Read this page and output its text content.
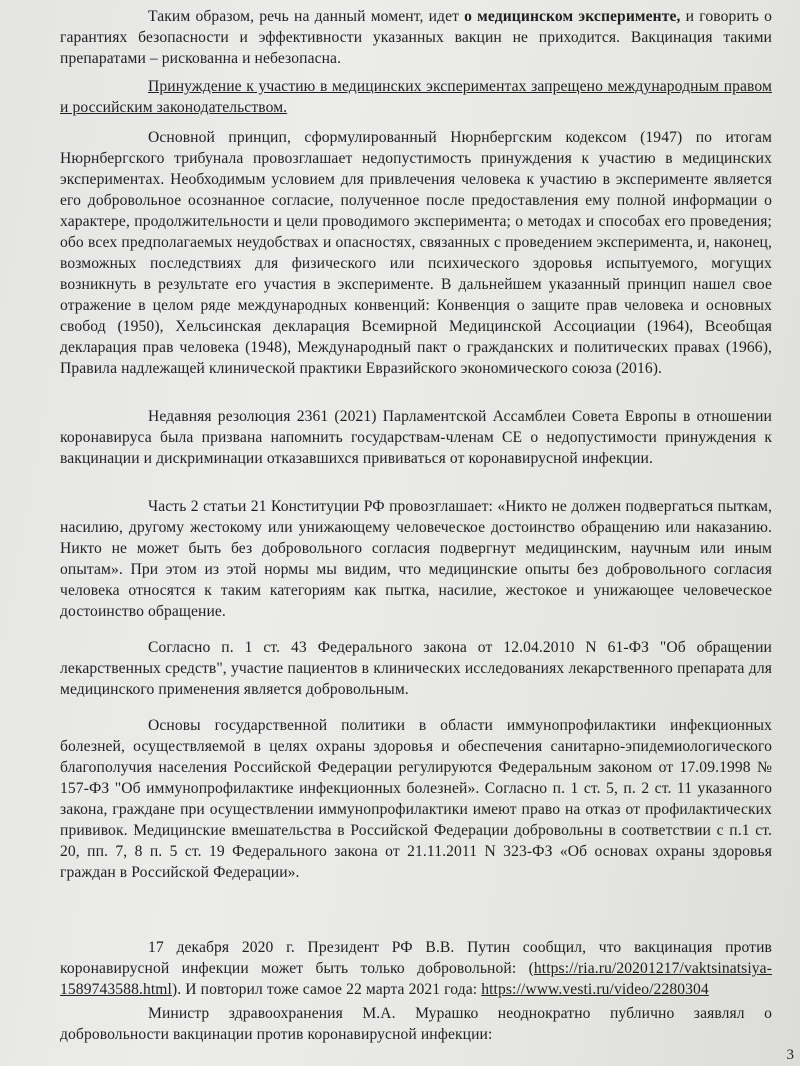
Таким образом, речь на данный момент, идет о медицинском эксперименте, и говорить о гарантиях безопасности и эффективности указанных вакцин не приходится. Вакцинация такими препаратами – рискованна и небезопасна.

Принуждение к участию в медицинских экспериментах запрещено международным правом и российским законодательством.

Основной принцип, сформулированный Нюрнбергским кодексом (1947) по итогам Нюрнбергского трибунала провозглашает недопустимость принуждения к участию в медицинских экспериментах. Необходимым условием для привлечения человека к участию в эксперименте является его добровольное осознанное согласие, полученное после предоставления ему полной информации о характере, продолжительности и цели проводимого эксперимента; о методах и способах его проведения; обо всех предполагаемых неудобствах и опасностях, связанных с проведением эксперимента, и, наконец, возможных последствиях для физического или психического здоровья испытуемого, могущих возникнуть в результате его участия в эксперименте. В дальнейшем указанный принцип нашел свое отражение в целом ряде международных конвенций: Конвенция о защите прав человека и основных свобод (1950), Хельсинская декларация Всемирной Медицинской Ассоциации (1964), Всеобщая декларация прав человека (1948), Международный пакт о гражданских и политических правах (1966), Правила надлежащей клинической практики Евразийского экономического союза (2016).

Недавняя резолюция 2361 (2021) Парламентской Ассамблеи Совета Европы в отношении коронавируса была призвана напомнить государствам-членам СЕ о недопустимости принуждения к вакцинации и дискриминации отказавшихся прививаться от коронавирусной инфекции.

Часть 2 статьи 21 Конституции РФ провозглашает: «Никто не должен подвергаться пыткам, насилию, другому жестокому или унижающему человеческое достоинство обращению или наказанию. Никто не может быть без добровольного согласия подвергнут медицинским, научным или иным опытам». При этом из этой нормы мы видим, что медицинские опыты без добровольного согласия человека относятся к таким категориям как пытка, насилие, жестокое и унижающее человеческое достоинство обращение.

Согласно п. 1 ст. 43 Федерального закона от 12.04.2010 N 61-ФЗ "Об обращении лекарственных средств", участие пациентов в клинических исследованиях лекарственного препарата для медицинского применения является добровольным.

Основы государственной политики в области иммунопрофилактики инфекционных болезней, осуществляемой в целях охраны здоровья и обеспечения санитарно-эпидемиологического благополучия населения Российской Федерации регулируются Федеральным законом от 17.09.1998 № 157-ФЗ "Об иммунопрофилактике инфекционных болезней». Согласно п. 1 ст. 5, п. 2 ст. 11 указанного закона, граждане при осуществлении иммунопрофилактики имеют право на отказ от профилактических прививок. Медицинские вмешательства в Российской Федерации добровольны в соответствии с п.1 ст. 20, пп. 7, 8 п. 5 ст. 19 Федерального закона от 21.11.2011 N 323-ФЗ «Об основах охраны здоровья граждан в Российской Федерации».

17 декабря 2020 г. Президент РФ В.В. Путин сообщил, что вакцинация против коронавирусной инфекции может быть только добровольной: (https://ria.ru/20201217/vaktsinatsiya-1589743588.html). И повторил тоже самое 22 марта 2021 года: https://www.vesti.ru/video/2280304

Министр здравоохранения М.А. Мурашко неоднократно публично заявлял о добровольности вакцинации против коронавирусной инфекции:

3
